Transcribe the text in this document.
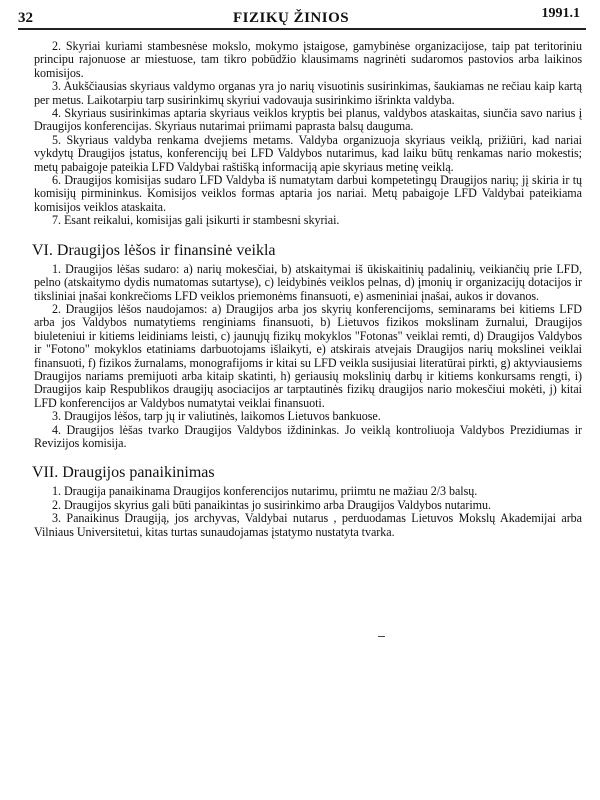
32	FIZIKŲ ŽINIOS	1991.1

2. Skyriai kuriami stambesnėse mokslo, mokymo įstaigose, gamybinėse organizacijose, taip pat teritoriniu principu rajonuose ar miestuose, tam tikro pobūdžio klausimams nagrinėti sudaromos pastovios arba laikinos komisijos.

3. Aukščiausias skyriaus valdymo organas yra jo narių visuotinis susirinkimas, šaukiamas ne rečiau kaip kartą per metus. Laikotarpiu tarp susirinkimų skyriui vadovauja susirinkimo išrinkta valdyba.

4. Skyriaus susirinkimas aptaria skyriaus veiklos kryptis bei planus, valdybos ataskaitas, siunčia savo narius į Draugijos konferencijas. Skyriaus nutarimai priimami paprasta balsų dauguma.

5. Skyriaus valdyba renkama dvejiems metams. Valdyba organizuoja skyriaus veiklą, prižiūri, kad nariai vykdytų Draugijos įstatus, konferencijų bei LFD Valdybos nutarimus, kad laiku būtų renkamas nario mokestis; metų pabaigoje pateikia LFD Valdybai raštišką informaciją apie skyriaus metinę veiklą.

6. Draugijos komisijas sudaro LFD Valdyba iš numatytam darbui kompetetingų Draugijos narių; jį skiria ir tų komisijų pirmininkus. Komisijos veiklos formas aptaria jos nariai. Metų pabaigoje LFD Valdybai pateikiama komisijos veiklos ataskaita.

7. Esant reikalui, komisijas gali įsikurti ir stambesni skyriai.

VI. Draugijos lėšos ir finansinė veikla

1. Draugijos lėšas sudaro: a) narių mokesčiai, b) atskaitymai iš ūkiskaitinių padalinių, veikiančių prie LFD, pelno (atskaitymo dydis numatomas sutartyse), c) leidybinės veiklos pelnas, d) įmonių ir organizacijų dotacijos ir tiksliniai įnašai konkrečioms LFD veiklos priemonėms finansuoti, e) asmeniniai įnašai, aukos ir dovanos.

2. Draugijos lėšos naudojamos: a) Draugijos arba jos skyrių konferencijoms, seminarams bei kitiems LFD arba jos Valdybos numatytiems renginiams finansuoti, b) Lietuvos fizikos mokslinam žurnalui, Draugijos biuleteniui ir kitiems leidiniams leisti, c) jaunųjų fizikų mokyklos "Fotonas" veiklai remti, d) Draugijos Valdybos ir "Fotono" mokyklos etatiniams darbuotojams išlaikyti, e) atskirais atvejais Draugijos narių mokslinei veiklai finansuoti, f) fizikos žurnalams, monografijoms ir kitai su LFD veikla susijusiai literatūrai pirkti, g) aktyviausiems Draugijos nariams premijuoti arba kitaip skatinti, h) geriausių mokslinių darbų ir kitiems konkursams rengti, i) Draugijos kaip Respublikos draugijų asociacijos ar tarptautinės fizikų draugijos nario mokesčiui mokėti, j) kitai LFD konferencijos ar Valdybos numatytai veiklai finansuoti.

3. Draugijos lėšos, tarp jų ir valiutinės, laikomos Lietuvos bankuose.

4. Draugijos lėšas tvarko Draugijos Valdybos iždininkas. Jo veiklą kontroliuoja Valdybos Prezidiumas ir Revizijos komisija.

VII. Draugijos panaikinimas

1. Draugija panaikinama Draugijos konferencijos nutarimu, priimtu ne mažiau 2/3 balsų.

2. Draugijos skyrius gali būti panaikintas jo susirinkimo arba Draugijos Valdybos nutarimu.

3. Panaikinus Draugiją, jos archyvas, Valdybai nutarus , perduodamas Lietuvos Mokslų Akademijai arba Vilniaus Universitetui, kitas turtas sunaudojamas įstatymo nustatyta tvarka.
